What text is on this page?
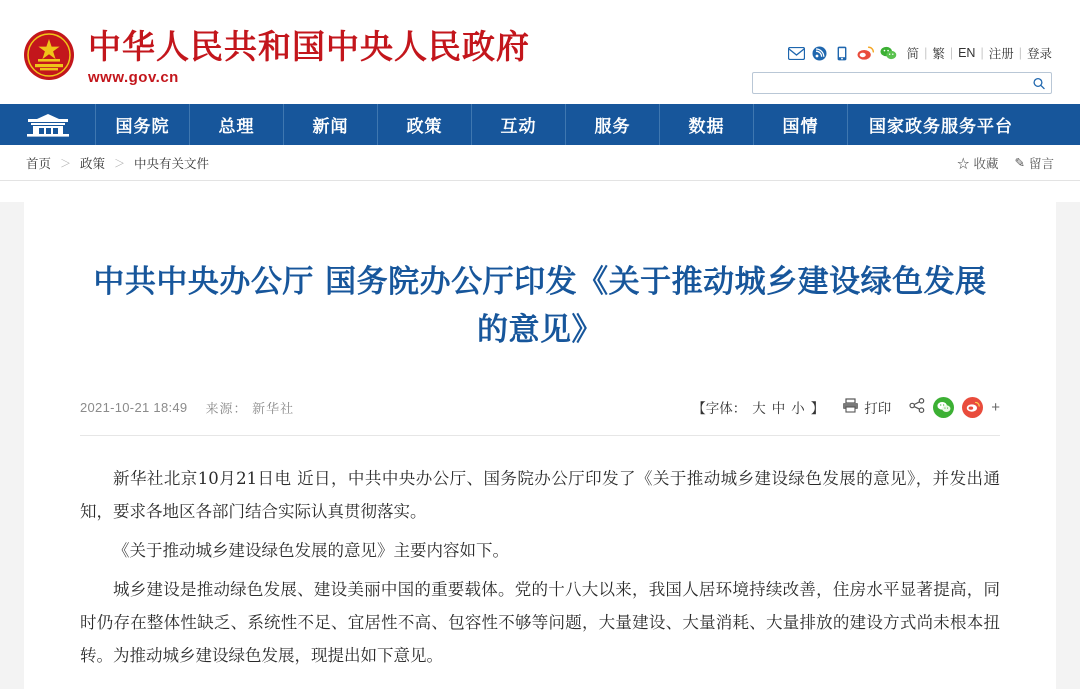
中华人民共和国中央人民政府
www.gov.cn
简 | 繁 | EN | 注册 | 登录
国务院	总理	新闻	政策	互动	服务	数据	国情	国家政务服务平台
首页 ＞ 政策 ＞ 中央有关文件	☆ 收藏 ✎ 留言
中共中央办公厅 国务院办公厅印发《关于推动城乡建设绿色发展的意见》
2021-10-21 18:49 来源： 新华社	【字体： 大 中 小 】	打印	+

新华社北京10月21日电 近日，中共中央办公厅、国务院办公厅印发了《关于推动城乡建设绿色发展的意见》，并发出通知，要求各地区各部门结合实际认真贯彻落实。

《关于推动城乡建设绿色发展的意见》主要内容如下。

城乡建设是推动绿色发展、建设美丽中国的重要载体。党的十八大以来，我国人居环境持续改善，住房水平显著提高，同时仍存在整体性缺乏、系统性不足、宜居性不高、包容性不够等问题，大量建设、大量消耗、大量排放的建设方式尚未根本扭转。为推动城乡建设绿色发展，现提出如下意见。
